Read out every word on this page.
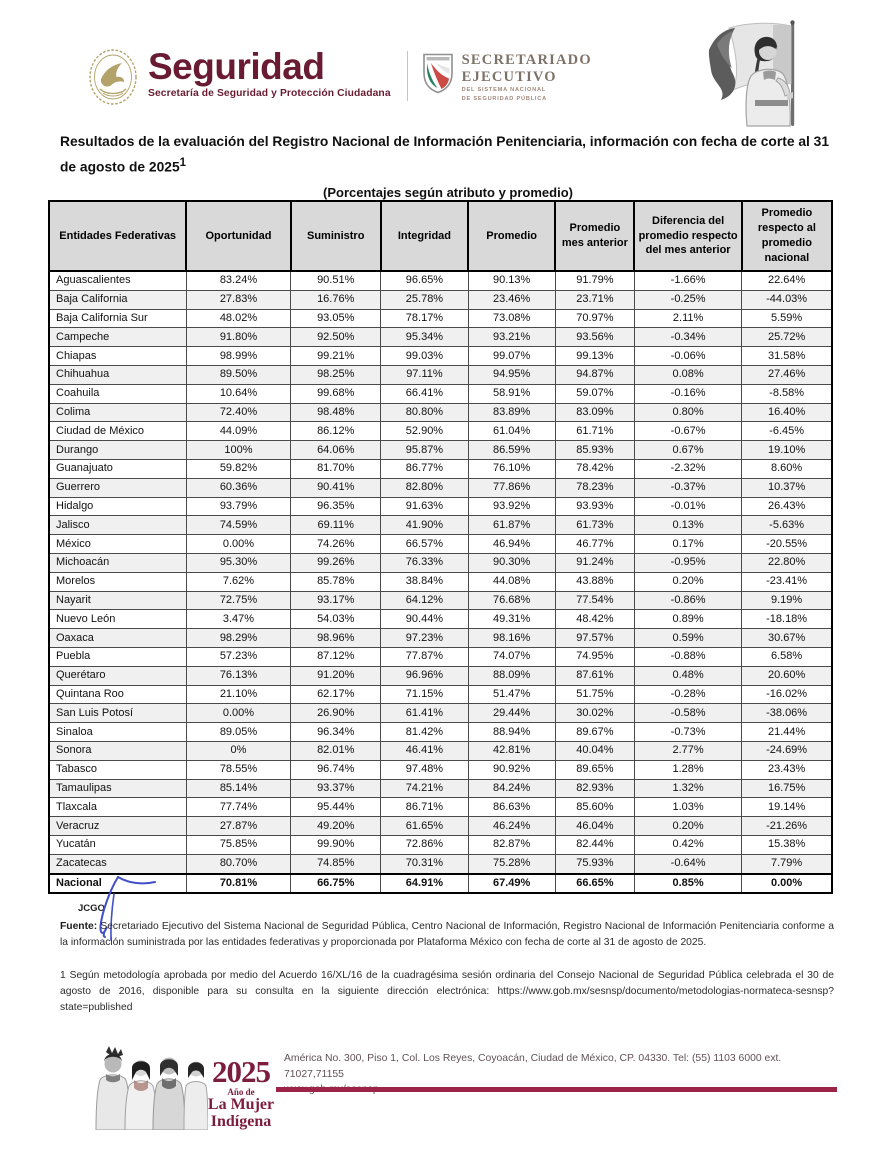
Seguridad
Secretaría de Seguridad y Protección Ciudadana
SECRETARIADO
EJECUTIVO
DEL SISTEMA NACIONAL
DE SEGURIDAD PÚBLICA
Resultados de la evaluación del Registro Nacional de Información Penitenciaria, información con fecha de corte al 31 de agosto de 2025$^1$
(Porcentajes según atributo y promedio)
Entidades Federativas	Oportunidad	Suministro	Integridad	Promedio	Promedio mes anterior	Diferencia del promedio respecto del mes anterior	Promedio respecto al promedio nacional
Aguascalientes	83.24%	90.51%	96.65%	90.13%	91.79%	-1.66%	22.64%
Baja California	27.83%	16.76%	25.78%	23.46%	23.71%	-0.25%	-44.03%
Baja California Sur	48.02%	93.05%	78.17%	73.08%	70.97%	2.11%	5.59%
Campeche	91.80%	92.50%	95.34%	93.21%	93.56%	-0.34%	25.72%
Chiapas	98.99%	99.21%	99.03%	99.07%	99.13%	-0.06%	31.58%
Chihuahua	89.50%	98.25%	97.11%	94.95%	94.87%	0.08%	27.46%
Coahuila	10.64%	99.68%	66.41%	58.91%	59.07%	-0.16%	-8.58%
Colima	72.40%	98.48%	80.80%	83.89%	83.09%	0.80%	16.40%
Ciudad de México	44.09%	86.12%	52.90%	61.04%	61.71%	-0.67%	-6.45%
Durango	100%	64.06%	95.87%	86.59%	85.93%	0.67%	19.10%
Guanajuato	59.82%	81.70%	86.77%	76.10%	78.42%	-2.32%	8.60%
Guerrero	60.36%	90.41%	82.80%	77.86%	78.23%	-0.37%	10.37%
Hidalgo	93.79%	96.35%	91.63%	93.92%	93.93%	-0.01%	26.43%
Jalisco	74.59%	69.11%	41.90%	61.87%	61.73%	0.13%	-5.63%
México	0.00%	74.26%	66.57%	46.94%	46.77%	0.17%	-20.55%
Michoacán	95.30%	99.26%	76.33%	90.30%	91.24%	-0.95%	22.80%
Morelos	7.62%	85.78%	38.84%	44.08%	43.88%	0.20%	-23.41%
Nayarit	72.75%	93.17%	64.12%	76.68%	77.54%	-0.86%	9.19%
Nuevo León	3.47%	54.03%	90.44%	49.31%	48.42%	0.89%	-18.18%
Oaxaca	98.29%	98.96%	97.23%	98.16%	97.57%	0.59%	30.67%
Puebla	57.23%	87.12%	77.87%	74.07%	74.95%	-0.88%	6.58%
Querétaro	76.13%	91.20%	96.96%	88.09%	87.61%	0.48%	20.60%
Quintana Roo	21.10%	62.17%	71.15%	51.47%	51.75%	-0.28%	-16.02%
San Luis Potosí	0.00%	26.90%	61.41%	29.44%	30.02%	-0.58%	-38.06%
Sinaloa	89.05%	96.34%	81.42%	88.94%	89.67%	-0.73%	21.44%
Sonora	0%	82.01%	46.41%	42.81%	40.04%	2.77%	-24.69%
Tabasco	78.55%	96.74%	97.48%	90.92%	89.65%	1.28%	23.43%
Tamaulipas	85.14%	93.37%	74.21%	84.24%	82.93%	1.32%	16.75%
Tlaxcala	77.74%	95.44%	86.71%	86.63%	85.60%	1.03%	19.14%
Veracruz	27.87%	49.20%	61.65%	46.24%	46.04%	0.20%	-21.26%
Yucatán	75.85%	99.90%	72.86%	82.87%	82.44%	0.42%	15.38%
Zacatecas	80.70%	74.85%	70.31%	75.28%	75.93%	-0.64%	7.79%
Nacional	70.81%	66.75%	64.91%	67.49%	66.65%	0.85%	0.00%
JCGO

Fuente: Secretariado Ejecutivo del Sistema Nacional de Seguridad Pública, Centro Nacional de Información, Registro Nacional de Información Penitenciaria conforme a la información suministrada por las entidades federativas y proporcionada por Plataforma México con fecha de corte al 31 de agosto de 2025.

1 Según metodología aprobada por medio del Acuerdo 16/XL/16 de la cuadragésima sesión ordinaria del Consejo Nacional de Seguridad Pública celebrada el 30 de agosto de 2016, disponible para su consulta en la siguiente dirección electrónica: https://www.gob.mx/sesnsp/documento/metodologias-normateca-sesnsp?state=published

2025
Año de
La Mujer
Indígena
América No. 300, Piso 1, Col. Los Reyes, Coyoacán, Ciudad de México, CP. 04330. Tel: (55) 1103 6000 ext. 71027,71155
